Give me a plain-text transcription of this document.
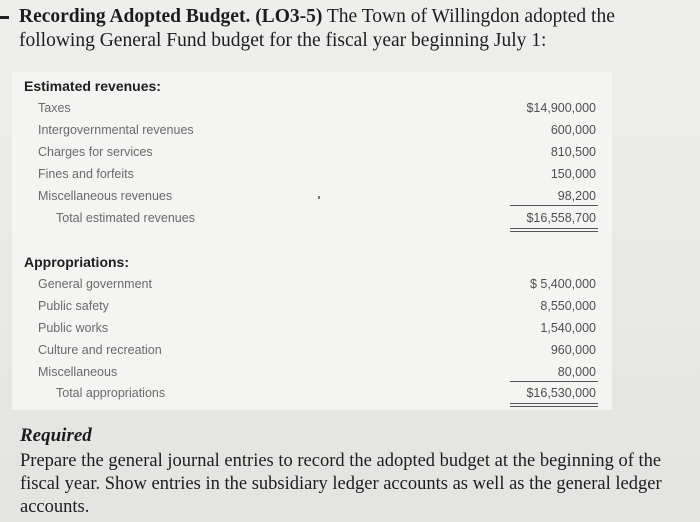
Recording Adopted Budget. (LO3-5) The Town of Willingdon adopted the following General Fund budget for the fiscal year beginning July 1:
Estimated revenues:
Taxes	$14,900,000
Intergovernmental revenues	600,000
Charges for services	810,500
Fines and forfeits	150,000
Miscellaneous revenues	98,200
Total estimated revenues	$16,558,700
Appropriations:
General government	$ 5,400,000
Public safety	8,550,000
Public works	1,540,000
Culture and recreation	960,000
Miscellaneous	80,000
Total appropriations	$16,530,000
Required
Prepare the general journal entries to record the adopted budget at the beginning of the fiscal year. Show entries in the subsidiary ledger accounts as well as the general ledger accounts.
